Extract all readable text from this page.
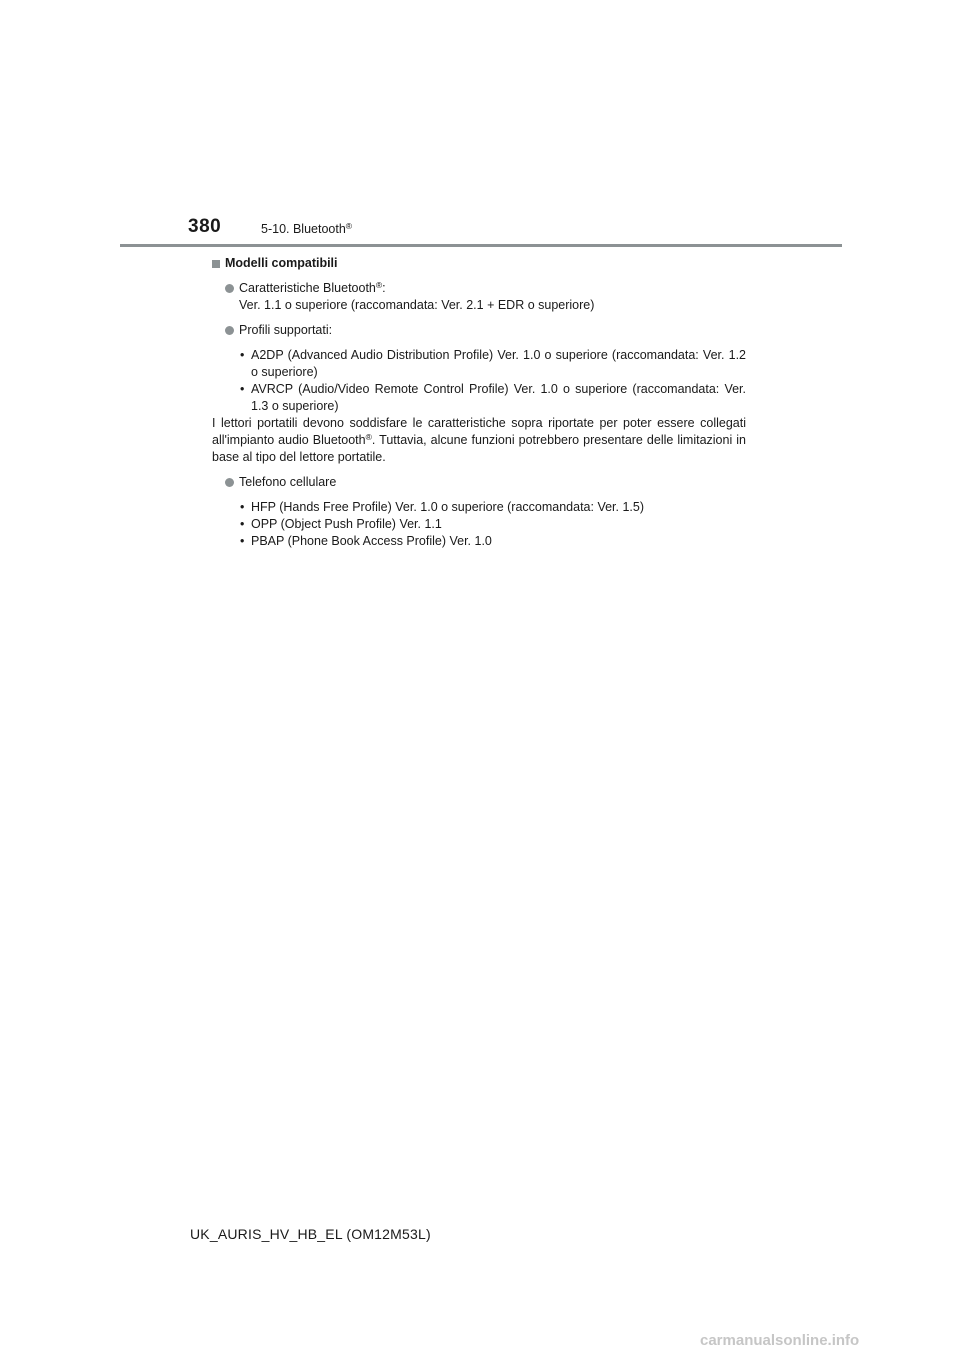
380	5-10. Bluetooth®
Modelli compatibili
Caratteristiche Bluetooth®:
Ver. 1.1 o superiore (raccomandata: Ver. 2.1 + EDR o superiore)
Profili supportati:
• A2DP (Advanced Audio Distribution Profile) Ver. 1.0 o superiore (raccomandata: Ver. 1.2 o superiore)
• AVRCP (Audio/Video Remote Control Profile) Ver. 1.0 o superiore (raccomandata: Ver. 1.3 o superiore)

I lettori portatili devono soddisfare le caratteristiche sopra riportate per poter essere collegati all'impianto audio Bluetooth®. Tuttavia, alcune funzioni potrebbero presentare delle limitazioni in base al tipo del lettore portatile.

Telefono cellulare
• HFP (Hands Free Profile) Ver. 1.0 o superiore (raccomandata: Ver. 1.5)
• OPP (Object Push Profile) Ver. 1.1
• PBAP (Phone Book Access Profile) Ver. 1.0
UK_AURIS_HV_HB_EL (OM12M53L)
carmanualsonline.info
